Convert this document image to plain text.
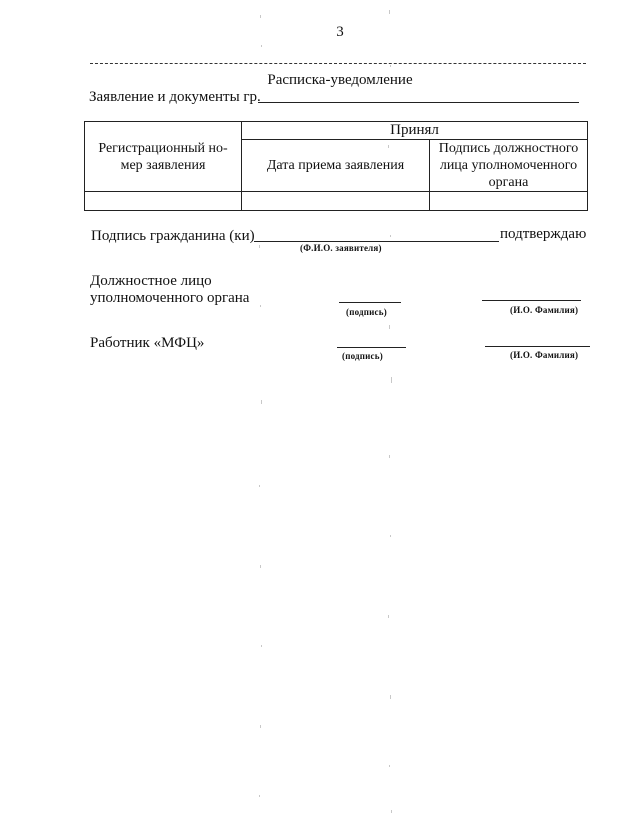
3
Расписка-уведомление
Заявление и документы гр.
Регистрационный но-мер заявления	Принял	
	Дата приема заявления	Подпись должностного лица уполномоченного органа

Подпись гражданина (ки)	подтверждаю
(Ф.И.О. заявителя)
Должностное лицо
уполномоченного органа
(подпись)	(И.О. Фамилия)
Работник «МФЦ»
(подпись)	(И.О. Фамилия)
